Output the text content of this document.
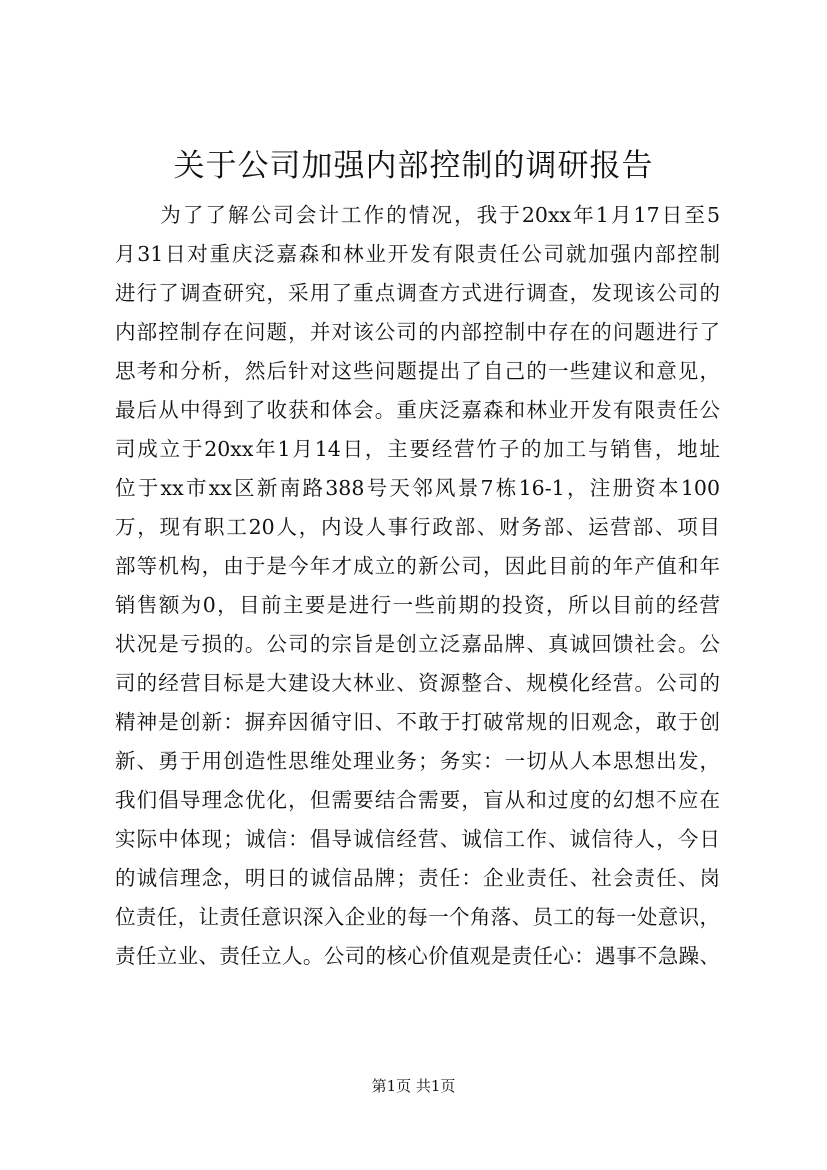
关于公司加强内部控制的调研报告
　　为了了解公司会计工作的情况，我于20xx年1月17日至5
月31日对重庆泛嘉森和林业开发有限责任公司就加强内部控制
进行了调查研究，采用了重点调查方式进行调查，发现该公司的
内部控制存在问题，并对该公司的内部控制中存在的问题进行了
思考和分析，然后针对这些问题提出了自己的一些建议和意见，
最后从中得到了收获和体会。重庆泛嘉森和林业开发有限责任公
司成立于20xx年1月14日，主要经营竹子的加工与销售，地址
位于xx市xx区新南路388号天邻风景7栋16-1，注册资本100
万，现有职工20人，内设人事行政部、财务部、运营部、项目
部等机构，由于是今年才成立的新公司，因此目前的年产值和年
销售额为0，目前主要是进行一些前期的投资，所以目前的经营
状况是亏损的。公司的宗旨是创立泛嘉品牌、真诚回馈社会。公
司的经营目标是大建设大林业、资源整合、规模化经营。公司的
精神是创新：摒弃因循守旧、不敢于打破常规的旧观念，敢于创
新、勇于用创造性思维处理业务；务实：一切从人本思想出发，
我们倡导理念优化，但需要结合需要，盲从和过度的幻想不应在
实际中体现；诚信：倡导诚信经营、诚信工作、诚信待人，今日
的诚信理念，明日的诚信品牌；责任：企业责任、社会责任、岗
位责任，让责任意识深入企业的每一个角落、员工的每一处意识，
责任立业、责任立人。公司的核心价值观是责任心：遇事不急躁、
第1页 共1页
